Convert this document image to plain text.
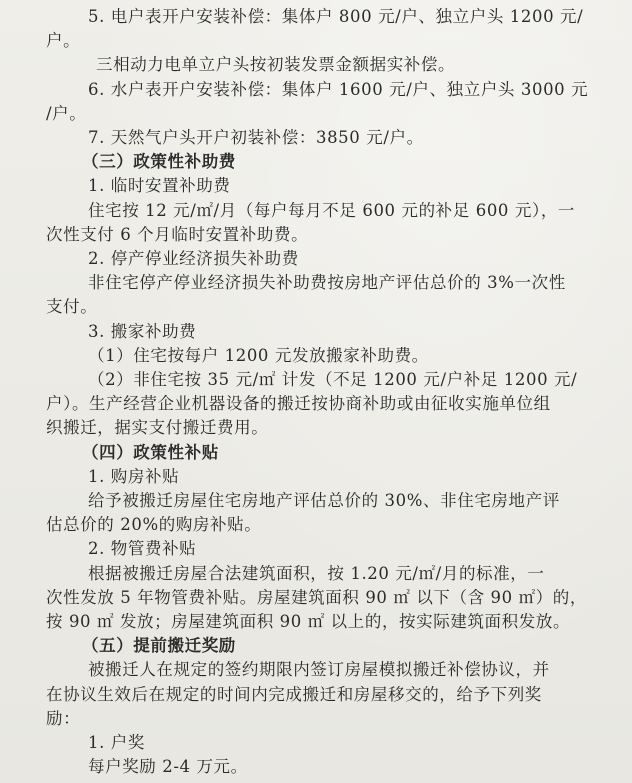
5. 电户表开户安装补偿：集体户 800 元/户、独立户头 1200 元/
户。
三相动力电单立户头按初装发票金额据实补偿。
6. 水户表开户安装补偿：集体户 1600 元/户、独立户头 3000 元
/户。
7. 天然气户头开户初装补偿：3850 元/户。
（三）政策性补助费
1. 临时安置补助费
住宅按 12 元/㎡/月（每户每月不足 600 元的补足 600 元），一
次性支付 6 个月临时安置补助费。
2. 停产停业经济损失补助费
非住宅停产停业经济损失补助费按房地产评估总价的 3%一次性
支付。
3. 搬家补助费
（1）住宅按每户 1200 元发放搬家补助费。
（2）非住宅按 35 元/㎡ 计发（不足 1200 元/户补足 1200 元/
户）。生产经营企业机器设备的搬迁按协商补助或由征收实施单位组
织搬迁，据实支付搬迁费用。
（四）政策性补贴
1. 购房补贴
给予被搬迁房屋住宅房地产评估总价的 30%、非住宅房地产评
估总价的 20%的购房补贴。
2. 物管费补贴
根据被搬迁房屋合法建筑面积，按 1.20 元/㎡/月的标准，一
次性发放 5 年物管费补贴。房屋建筑面积 90 ㎡ 以下（含 90 ㎡）的，
按 90 ㎡ 发放；房屋建筑面积 90 ㎡ 以上的，按实际建筑面积发放。
（五）提前搬迁奖励
被搬迁人在规定的签约期限内签订房屋模拟搬迁补偿协议，并
在协议生效后在规定的时间内完成搬迁和房屋移交的，给予下列奖
励：
1. 户奖
每户奖励 2-4 万元。
